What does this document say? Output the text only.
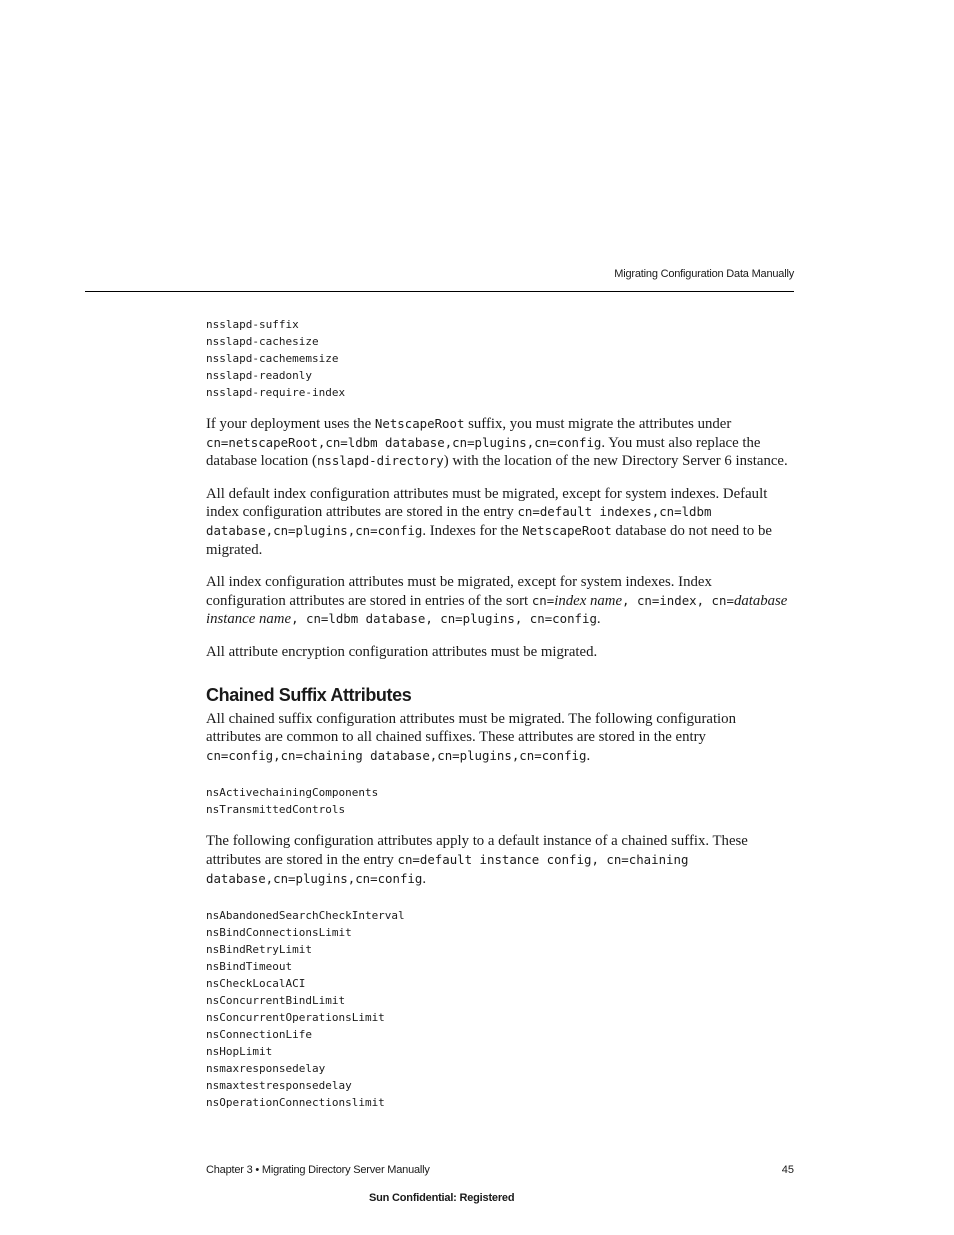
Migrating Configuration Data Manually
nsslapd-suffix
nsslapd-cachesize
nsslapd-cachememsize
nsslapd-readonly
nsslapd-require-index

If your deployment uses the NetscapeRoot suffix, you must migrate the attributes under cn=netscapeRoot,cn=ldbm database,cn=plugins,cn=config. You must also replace the database location (nsslapd-directory) with the location of the new Directory Server 6 instance.

All default index configuration attributes must be migrated, except for system indexes. Default index configuration attributes are stored in the entry cn=default indexes,cn=ldbm database,cn=plugins,cn=config. Indexes for the NetscapeRoot database do not need to be migrated.

All index configuration attributes must be migrated, except for system indexes. Index configuration attributes are stored in entries of the sort cn=index name, cn=index, cn=database instance name, cn=ldbm database, cn=plugins, cn=config.

All attribute encryption configuration attributes must be migrated.

Chained Suffix Attributes

All chained suffix configuration attributes must be migrated. The following configuration attributes are common to all chained suffixes. These attributes are stored in the entry cn=config,cn=chaining database,cn=plugins,cn=config.

nsActivechainingComponents
nsTransmittedControls

The following configuration attributes apply to a default instance of a chained suffix. These attributes are stored in the entry cn=default instance config, cn=chaining database,cn=plugins,cn=config.

nsAbandonedSearchCheckInterval
nsBindConnectionsLimit
nsBindRetryLimit
nsBindTimeout
nsCheckLocalACI
nsConcurrentBindLimit
nsConcurrentOperationsLimit
nsConnectionLife
nsHopLimit
nsmaxresponsedelay
nsmaxtestresponsedelay
nsOperationConnectionslimit
Chapter 3 • Migrating Directory Server Manually	45
Sun Confidential: Registered
